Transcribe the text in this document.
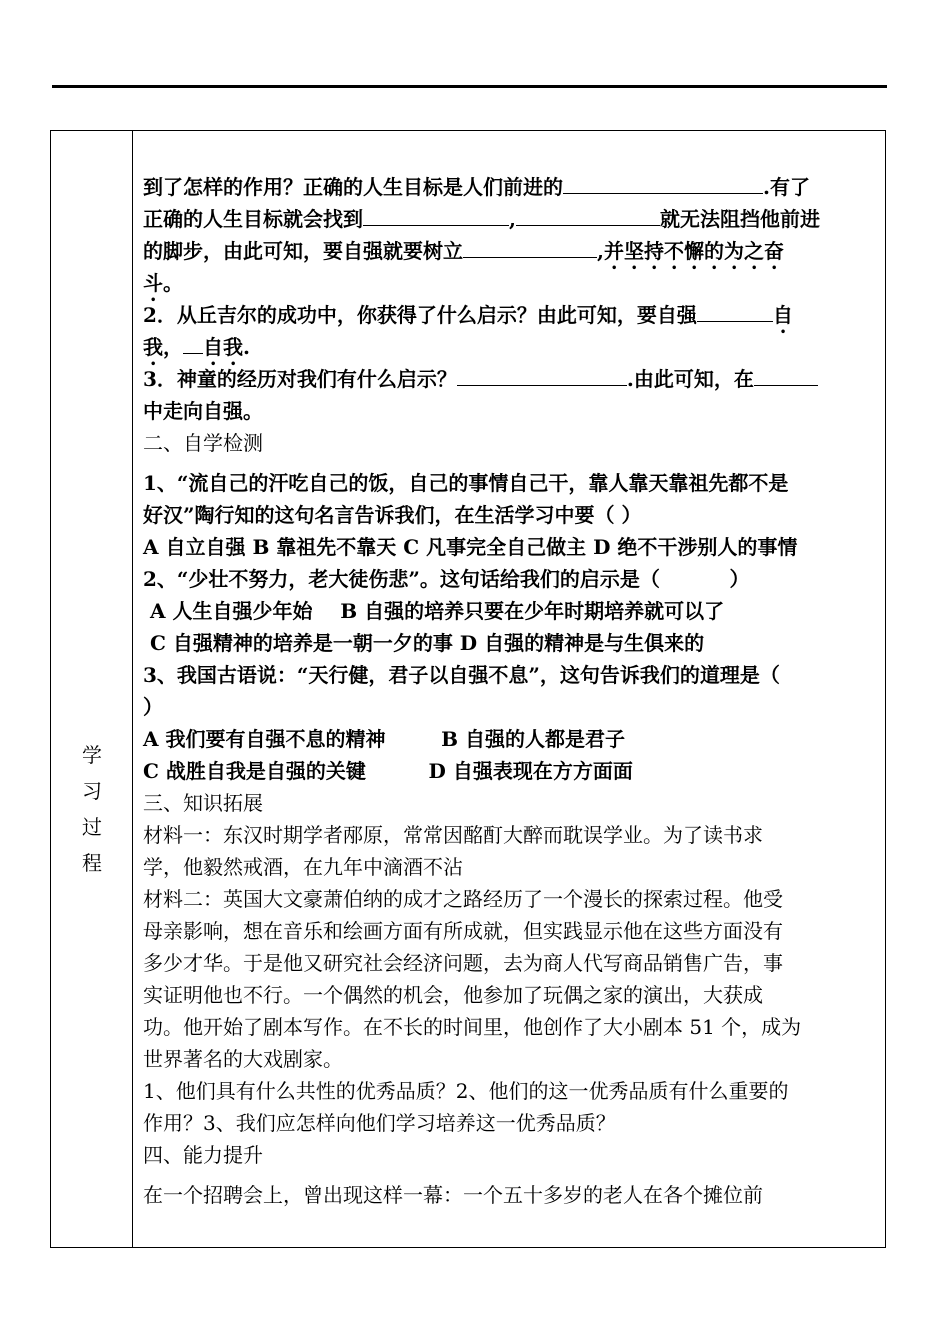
学
习
过
程
到了怎样的作用？正确的人生目标是人们前进的	.有了
正确的人生目标就会找到	,	就无法阻挡他前进
的脚步，由此可知，要自强就要树立	,并坚持不懈的为之奋
斗。
2．从丘吉尔的成功中，你获得了什么启示？由此可知，要自强	自
我， 自我.
3．神童的经历对我们有什么启示？	.由此可知，在
中走向自强。
二、自学检测
1、“流自己的汗吃自己的饭，自己的事情自己干，靠人靠天靠祖先都不是
好汉”陶行知的这句名言告诉我们，在生活学习中要（ ）
A 自立自强 B 靠祖先不靠天 C 凡事完全自己做主 D 绝不干涉别人的事情
2、“少壮不努力，老大徒伤悲”。这句话给我们的启示是（          ）
A 人生自强少年始    B 自强的培养只要在少年时期培养就可以了
C 自强精神的培养是一朝一夕的事 D 自强的精神是与生俱来的
3、我国古语说：“天行健，君子以自强不息”，这句告诉我们的道理是（
）
A 我们要有自强不息的精神        B 自强的人都是君子
C 战胜自我是自强的关键         D 自强表现在方方面面
三、知识拓展
材料一：东汉时期学者邴原，常常因酩酊大醉而耽误学业。为了读书求
学，他毅然戒酒，在九年中滴酒不沾
材料二：英国大文豪萧伯纳的成才之路经历了一个漫长的探索过程。他受
母亲影响，想在音乐和绘画方面有所成就，但实践显示他在这些方面没有
多少才华。于是他又研究社会经济问题，去为商人代写商品销售广告，事
实证明他也不行。一个偶然的机会，他参加了玩偶之家的演出，大获成
功。他开始了剧本写作。在不长的时间里，他创作了大小剧本 51 个，成为
世界著名的大戏剧家。
1、他们具有什么共性的优秀品质？2、他们的这一优秀品质有什么重要的
作用？3、我们应怎样向他们学习培养这一优秀品质？
四、能力提升
在一个招聘会上，曾出现这样一幕：一个五十多岁的老人在各个摊位前
